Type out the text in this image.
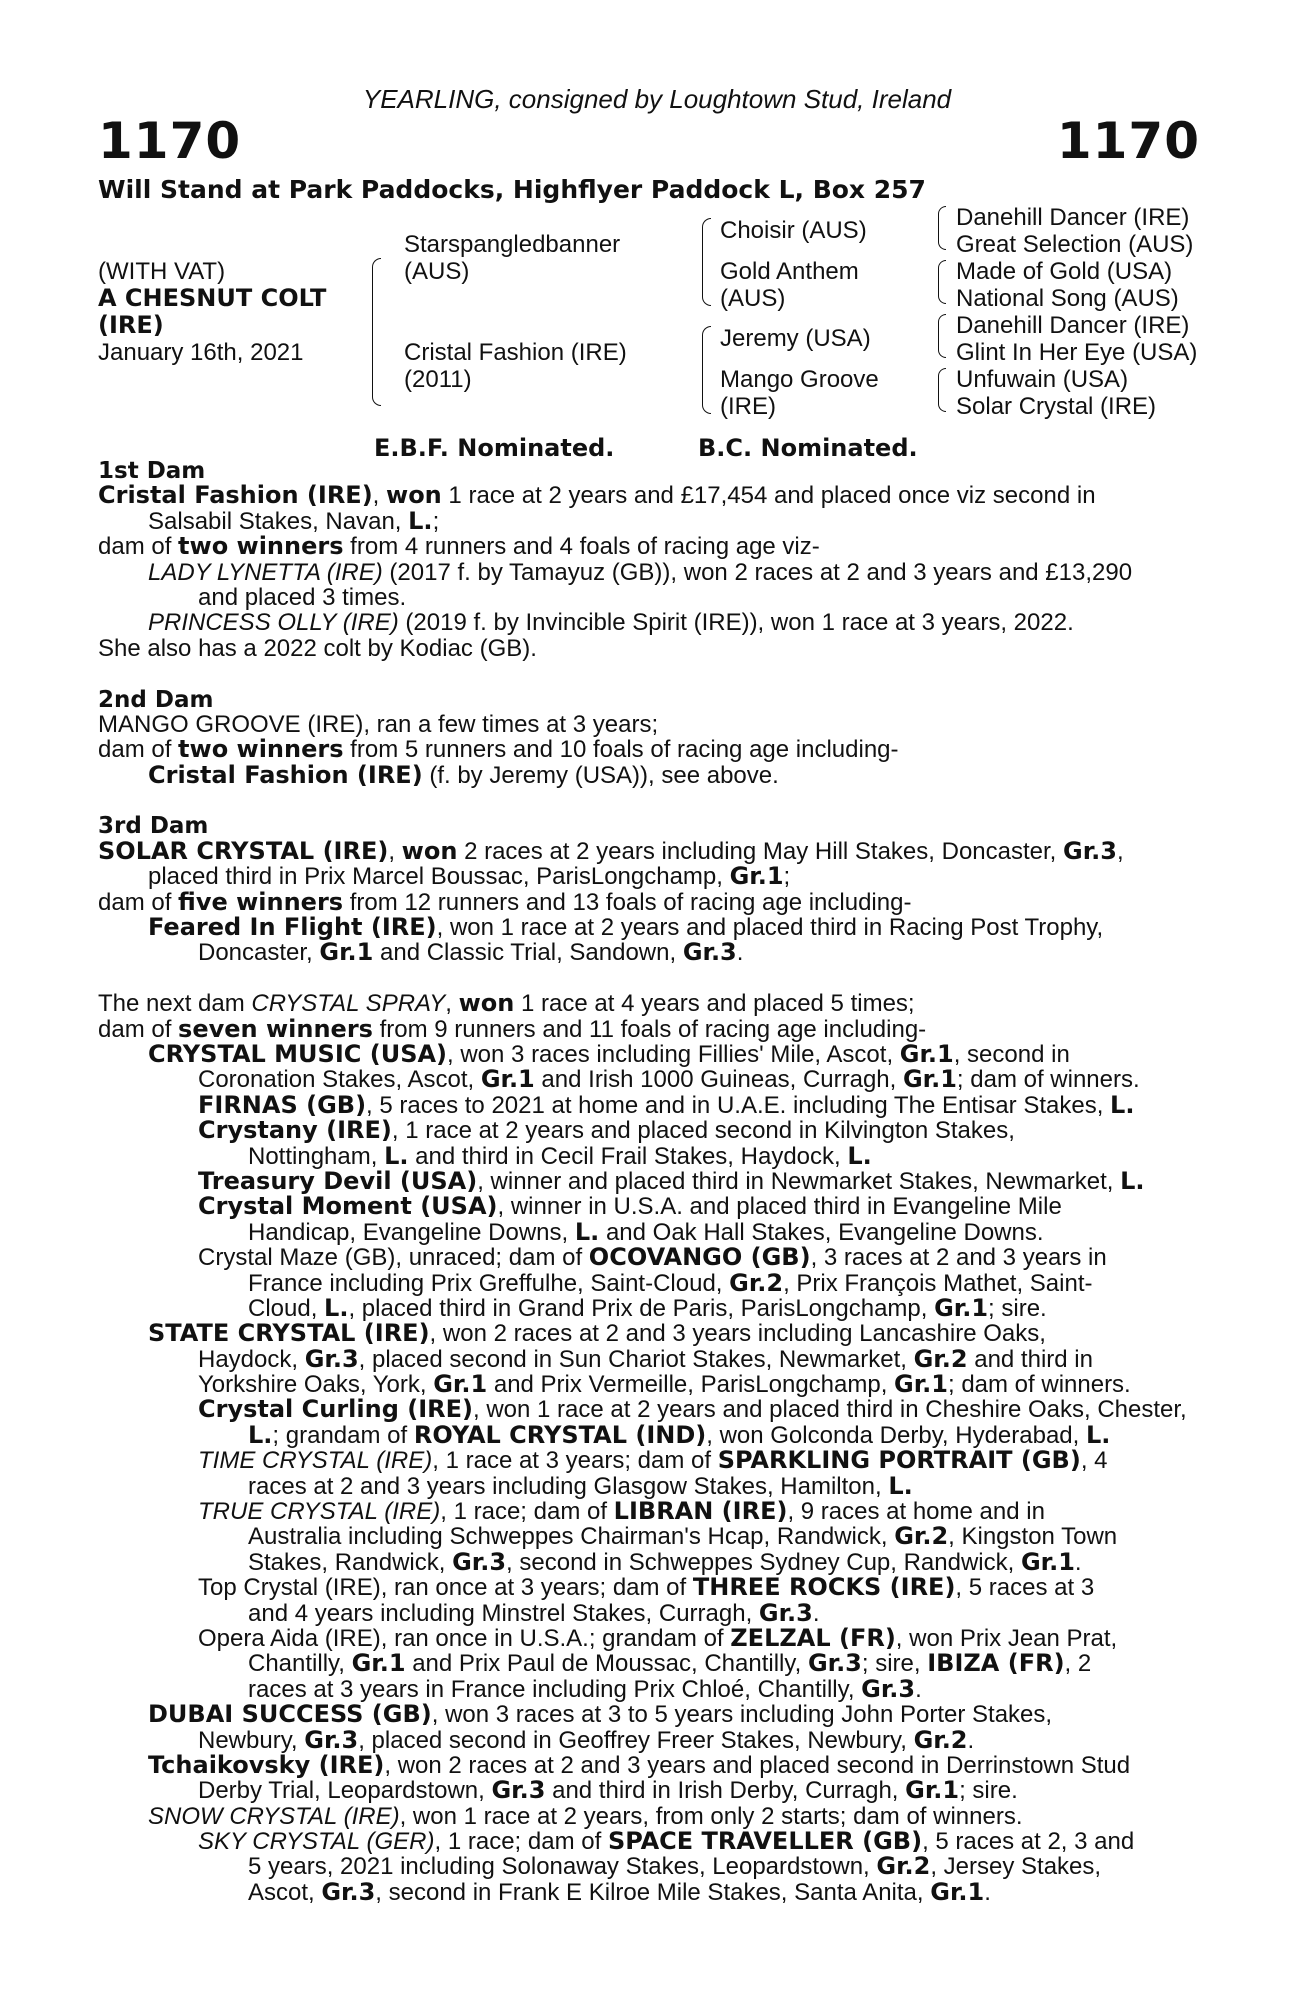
YEARLING, consigned by Loughtown Stud, Ireland
1170	1170
Will Stand at Park Paddocks, Highflyer Paddock L, Box 257
(WITH VAT)
A CHESNUT COLT
(IRE)
January 16th, 2021
Starspangledbanner
(AUS)
Cristal Fashion (IRE)
(2011)
Choisir (AUS)
Gold Anthem
(AUS)
Jeremy (USA)
Mango Groove
(IRE)
Danehill Dancer (IRE)
Great Selection (AUS)
Made of Gold (USA)
National Song (AUS)
Danehill Dancer (IRE)
Glint In Her Eye (USA)
Unfuwain (USA)
Solar Crystal (IRE)
E.B.F. Nominated.	B.C. Nominated.
1st Dam
Cristal Fashion (IRE), won 1 race at 2 years and £17,454 and placed once viz second in
Salsabil Stakes, Navan, L.;
dam of two winners from 4 runners and 4 foals of racing age viz-
LADY LYNETTA (IRE) (2017 f. by Tamayuz (GB)), won 2 races at 2 and 3 years and £13,290
and placed 3 times.
PRINCESS OLLY (IRE) (2019 f. by Invincible Spirit (IRE)), won 1 race at 3 years, 2022.
She also has a 2022 colt by Kodiac (GB).
2nd Dam
MANGO GROOVE (IRE), ran a few times at 3 years;
dam of two winners from 5 runners and 10 foals of racing age including-
Cristal Fashion (IRE) (f. by Jeremy (USA)), see above.
3rd Dam
SOLAR CRYSTAL (IRE), won 2 races at 2 years including May Hill Stakes, Doncaster, Gr.3,
placed third in Prix Marcel Boussac, ParisLongchamp, Gr.1;
dam of five winners from 12 runners and 13 foals of racing age including-
Feared In Flight (IRE), won 1 race at 2 years and placed third in Racing Post Trophy,
Doncaster, Gr.1 and Classic Trial, Sandown, Gr.3.
The next dam CRYSTAL SPRAY, won 1 race at 4 years and placed 5 times;
dam of seven winners from 9 runners and 11 foals of racing age including-
CRYSTAL MUSIC (USA), won 3 races including Fillies' Mile, Ascot, Gr.1, second in
Coronation Stakes, Ascot, Gr.1 and Irish 1000 Guineas, Curragh, Gr.1; dam of winners.
FIRNAS (GB), 5 races to 2021 at home and in U.A.E. including The Entisar Stakes, L.
Crystany (IRE), 1 race at 2 years and placed second in Kilvington Stakes,
Nottingham, L. and third in Cecil Frail Stakes, Haydock, L.
Treasury Devil (USA), winner and placed third in Newmarket Stakes, Newmarket, L.
Crystal Moment (USA), winner in U.S.A. and placed third in Evangeline Mile
Handicap, Evangeline Downs, L. and Oak Hall Stakes, Evangeline Downs.
Crystal Maze (GB), unraced; dam of OCOVANGO (GB), 3 races at 2 and 3 years in
France including Prix Greffulhe, Saint-Cloud, Gr.2, Prix François Mathet, Saint-
Cloud, L., placed third in Grand Prix de Paris, ParisLongchamp, Gr.1; sire.
STATE CRYSTAL (IRE), won 2 races at 2 and 3 years including Lancashire Oaks,
Haydock, Gr.3, placed second in Sun Chariot Stakes, Newmarket, Gr.2 and third in
Yorkshire Oaks, York, Gr.1 and Prix Vermeille, ParisLongchamp, Gr.1; dam of winners.
Crystal Curling (IRE), won 1 race at 2 years and placed third in Cheshire Oaks, Chester,
L.; grandam of ROYAL CRYSTAL (IND), won Golconda Derby, Hyderabad, L.
TIME CRYSTAL (IRE), 1 race at 3 years; dam of SPARKLING PORTRAIT (GB), 4
races at 2 and 3 years including Glasgow Stakes, Hamilton, L.
TRUE CRYSTAL (IRE), 1 race; dam of LIBRAN (IRE), 9 races at home and in
Australia including Schweppes Chairman's Hcap, Randwick, Gr.2, Kingston Town
Stakes, Randwick, Gr.3, second in Schweppes Sydney Cup, Randwick, Gr.1.
Top Crystal (IRE), ran once at 3 years; dam of THREE ROCKS (IRE), 5 races at 3
and 4 years including Minstrel Stakes, Curragh, Gr.3.
Opera Aida (IRE), ran once in U.S.A.; grandam of ZELZAL (FR), won Prix Jean Prat,
Chantilly, Gr.1 and Prix Paul de Moussac, Chantilly, Gr.3; sire, IBIZA (FR), 2
races at 3 years in France including Prix Chloé, Chantilly, Gr.3.
DUBAI SUCCESS (GB), won 3 races at 3 to 5 years including John Porter Stakes,
Newbury, Gr.3, placed second in Geoffrey Freer Stakes, Newbury, Gr.2.
Tchaikovsky (IRE), won 2 races at 2 and 3 years and placed second in Derrinstown Stud
Derby Trial, Leopardstown, Gr.3 and third in Irish Derby, Curragh, Gr.1; sire.
SNOW CRYSTAL (IRE), won 1 race at 2 years, from only 2 starts; dam of winners.
SKY CRYSTAL (GER), 1 race; dam of SPACE TRAVELLER (GB), 5 races at 2, 3 and
5 years, 2021 including Solonaway Stakes, Leopardstown, Gr.2, Jersey Stakes,
Ascot, Gr.3, second in Frank E Kilroe Mile Stakes, Santa Anita, Gr.1.
